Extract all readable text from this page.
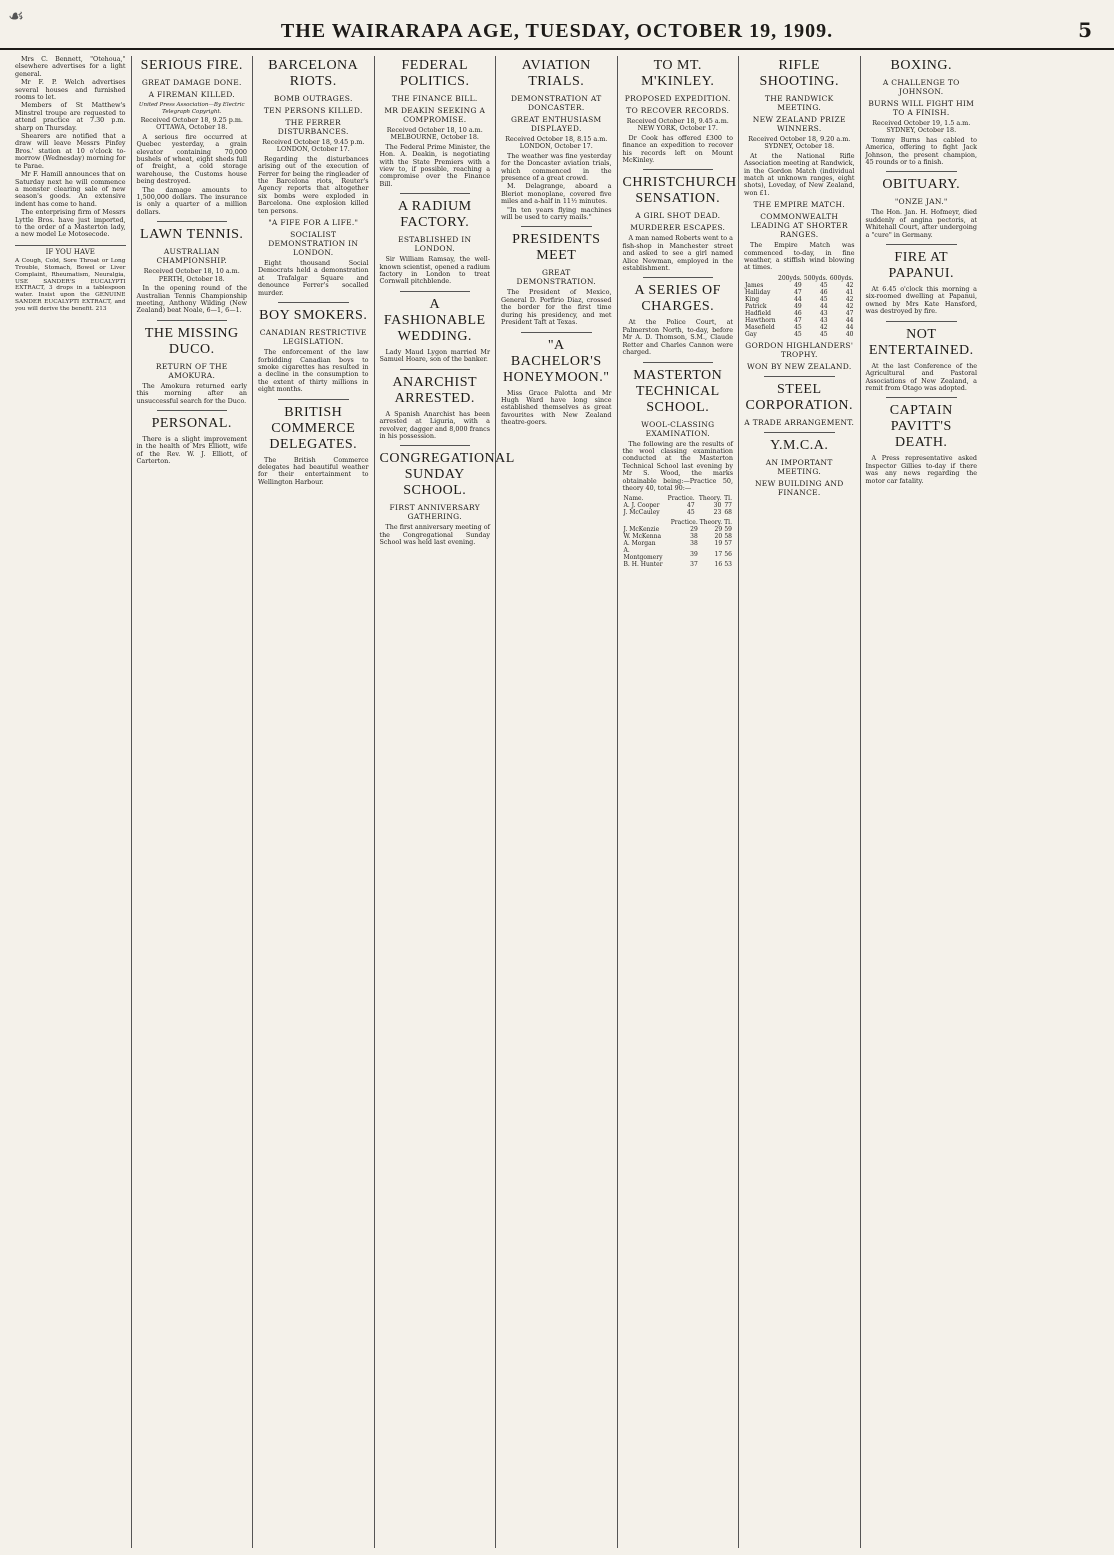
☙
THE WAIRARAPA AGE, TUESDAY, OCTOBER 19, 1909.	5

Mrs C. Bennett, "Otehoua," elsewhere advertises for a light general.

Mr F. P. Welch advertises several houses and furnished rooms to let.

Members of St Matthew's Minstrel troupe are requested to attend practice at 7.30 p.m. sharp on Thursday.

Shearers are notified that a draw will leave Messrs Pinfey Bros.' station at 10 o'clock to-morrow (Wednesday) morning for te Parae.

Mr F. Hamill announces that on Saturday next he will commence a monster clearing sale of new season's goods. An extensive indent has come to hand.

The enterprising firm of Messrs Lyttle Bros. have just imported, to the order of a Masterton lady, a new model Le Motosecode.

IF YOU HAVE

A Cough, Cold, Sore Throat or Long Trouble, Stomach, Bowel or Liver Complaint, Rheumatism, Neuralgia, USE SANDER'S EUCALYPTI EXTRACT, 3 drops in a tablespoon water. Insist upon the GENUINE SANDER EUCALYPTI EXTRACT, and you will derive the benefit. 213

SERIOUS FIRE.
GREAT DAMAGE DONE.
A FIREMAN KILLED.
United Press Association—By Electric Telegraph Copyright.
Received October 18, 9.25 p.m. OTTAWA, October 18.

A serious fire occurred at Quebec yesterday, a grain elevator containing 70,000 bushels of wheat, eight sheds full of freight, a cold storage warehouse, the Customs house being destroyed.

The damage amounts to 1,500,000 dollars. The insurance is only a quarter of a million dollars.

LAWN TENNIS.
AUSTRALIAN CHAMPIONSHIP.
Received October 18, 10 a.m. PERTH, October 18.

In the opening round of the Australian Tennis Championship meeting, Anthony Wilding (New Zealand) beat Noale, 6—1, 6—1.

THE MISSING DUCO.
RETURN OF THE AMOKURA.

The Amokura returned early this morning after an unsuccessful search for the Duco.

PERSONAL.

There is a slight improvement in the health of Mrs Elliott, wife of the Rev. W. J. Elliott, of Carterton.

BARCELONA RIOTS.
BOMB OUTRAGES.
TEN PERSONS KILLED.
THE FERRER DISTURBANCES.
Received October 18, 9.45 p.m. LONDON, October 17.

Regarding the disturbances arising out of the execution of Ferrer for being the ringleader of the Barcelona riots, Reuter's Agency reports that altogether six bombs were exploded in Barcelona. One explosion killed ten persons.

"A FIFE FOR A LIFE."
SOCIALIST DEMONSTRATION IN LONDON.

Eight thousand Social Democrats held a demonstration at Trafalgar Square and denounce Ferrer's socalled murder.

BOY SMOKERS.
CANADIAN RESTRICTIVE LEGISLATION.

The enforcement of the law forbidding Canadian boys to smoke cigarettes has resulted in a decline in the consumption to the extent of thirty millions in eight months.

BRITISH COMMERCE DELEGATES.

The British Commerce delegates had beautiful weather for their entertainment to Wellington Harbour.

FEDERAL POLITICS.
THE FINANCE BILL.
MR DEAKIN SEEKING A COMPROMISE.
Received October 18, 10 a.m. MELBOURNE, October 18.

The Federal Prime Minister, the Hon. A. Deakin, is negotiating with the State Premiers with a view to, if possible, reaching a compromise over the Finance Bill.

A RADIUM FACTORY.
ESTABLISHED IN LONDON.

Sir William Ramsay, the well-known scientist, opened a radium factory in London to treat Cornwall pitchblende.

A FASHIONABLE WEDDING.

Lady Maud Lygon married Mr Samuel Hoare, son of the banker.

ANARCHIST ARRESTED.

A Spanish Anarchist has been arrested at Liguria, with a revolver, dagger and 8,000 francs in his possession.

CONGREGATIONAL SUNDAY SCHOOL.
FIRST ANNIVERSARY GATHERING.

The first anniversary meeting of the Congregational Sunday School was held last evening.

AVIATION TRIALS.
DEMONSTRATION AT DONCASTER.
GREAT ENTHUSIASM DISPLAYED.
Received October 18, 8.15 a.m. LONDON, October 17.

The weather was fine yesterday for the Doncaster aviation trials, which commenced in the presence of a great crowd.

M. Delagrange, aboard a Bleriot monoplane, covered five miles and a-half in 11½ minutes.

"In ten years flying machines will be used to carry mails."

PRESIDENTS MEET
GREAT DEMONSTRATION.

The President of Mexico, General D. Porfirio Diaz, crossed the border for the first time during his presidency, and met President Taft at Texas.

"A BACHELOR'S HONEYMOON."

Miss Grace Palotta and Mr Hugh Ward have long since established themselves as great favourites with New Zealand theatre-goers.

TO MT. M'KINLEY.
PROPOSED EXPEDITION.
TO RECOVER RECORDS.
Received October 18, 9.45 a.m. NEW YORK, October 17.

Dr Cook has offered £300 to finance an expedition to recover his records left on Mount McKinley.

CHRISTCHURCH SENSATION.
A GIRL SHOT DEAD.
MURDERER ESCAPES.

A man named Roberts went to a fish-shop in Manchester street and asked to see a girl named Alice Newman, employed in the establishment.

A SERIES OF CHARGES.

At the Police Court, at Palmerston North, to-day, before Mr A. D. Thomson, S.M., Claude Retter and Charles Cannon were charged.

MASTERTON TECHNICAL SCHOOL.
WOOL-CLASSING EXAMINATION.

The following are the results of the wool classing examination conducted at the Masterton Technical School last evening by Mr S. Wood, the marks obtainable being:—Practice 50, theory 40, total 90:—

Name.	Practice.	Theory.	Tl.
A. J. Cooper	47	30	77
J. McCauley	45	23	68
	Practice.	Theory.	Tl.
J. McKenzie	29	29	59
W. McKenna	38	20	58
A. Morgan	38	19	57
A. Montgomery	39	17	56
B. H. Hunter	37	16	53
RIFLE SHOOTING.
THE RANDWICK MEETING.
NEW ZEALAND PRIZE WINNERS.
Received October 18, 9.20 a.m. SYDNEY, October 18.

At the National Rifle Association meeting at Randwick, in the Gordon Match (individual match at unknown ranges, eight shots), Loveday, of New Zealand, won £1.

THE EMPIRE MATCH.
COMMONWEALTH LEADING AT SHORTER RANGES.

The Empire Match was commenced to-day, in fine weather, a stiffish wind blowing at times.

	200yds.	500yds.	600yds.
James	49	45	42
Halliday	47	46	41
King	44	45	42
Patrick	49	44	42
Hadfield	46	43	47
Hawthorn	47	43	44
Masefield	45	42	44
Gay	45	45	40
GORDON HIGHLANDERS' TROPHY.
WON BY NEW ZEALAND.
STEEL CORPORATION.
A TRADE ARRANGEMENT.
Y.M.C.A.
AN IMPORTANT MEETING.
NEW BUILDING AND FINANCE.
BOXING.
A CHALLENGE TO JOHNSON.
BURNS WILL FIGHT HIM TO A FINISH.
Received October 19, 1.5 a.m. SYDNEY, October 18.

Tommy Burns has cabled to America, offering to fight Jack Johnson, the present champion, 45 rounds or to a finish.

OBITUARY.
"ONZE JAN."

The Hon. Jan. H. Hofmeyr, died suddenly of angina pectoris, at Whitehall Court, after undergoing a "cure" in Germany.

FIRE AT PAPANUI.

At 6.45 o'clock this morning a six-roomed dwelling at Papanui, owned by Mrs Kate Hansford, was destroyed by fire.

NOT ENTERTAINED.

At the last Conference of the Agricultural and Pastoral Associations of New Zealand, a remit from Otago was adopted.

CAPTAIN PAVITT'S DEATH.

A Press representative asked Inspector Gillies to-day if there was any news regarding the motor car fatality.
